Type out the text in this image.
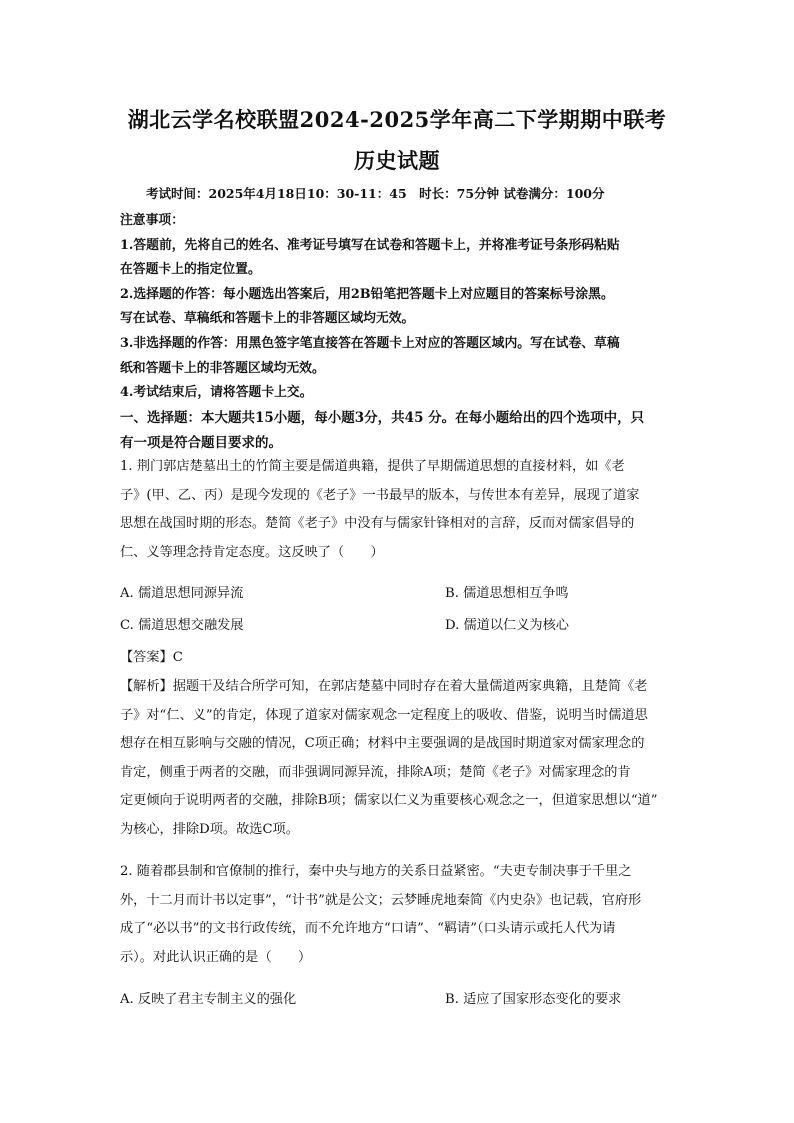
湖北云学名校联盟2024-2025学年高二下学期期中联考
历史试题
考试时间：2025年4月18日10：30-11：45　时长：75分钟 试卷满分：100分
注意事项：
1.答题前，先将自己的姓名、准考证号填写在试卷和答题卡上，并将准考证号条形码粘贴
在答题卡上的指定位置。
2.选择题的作答：每小题选出答案后，用2B铅笔把答题卡上对应题目的答案标号涂黑。
写在试卷、草稿纸和答题卡上的非答题区域均无效。
3.非选择题的作答：用黑色签字笔直接答在答题卡上对应的答题区域内。写在试卷、草稿
纸和答题卡上的非答题区域均无效。
4.考试结束后，请将答题卡上交。
一、选择题：本大题共15小题，每小题3分，共45 分。在每小题给出的四个选项中，只
有一项是符合题目要求的。
1. 荆门郭店楚墓出土的竹简主要是儒道典籍，提供了早期儒道思想的直接材料，如《老
子》(甲、乙、丙）是现今发现的《老子》一书最早的版本，与传世本有差异，展现了道家
思想在战国时期的形态。楚简《老子》中没有与儒家针锋相对的言辞，反而对儒家倡导的
仁、义等理念持肯定态度。这反映了（　　）
A. 儒道思想同源异流	B. 儒道思想相互争鸣
C. 儒道思想交融发展	D. 儒道以仁义为核心
【答案】C
【解析】据题干及结合所学可知，在郭店楚墓中同时存在着大量儒道两家典籍，且楚简《老
子》对“仁、义”的肯定，体现了道家对儒家观念一定程度上的吸收、借鉴，说明当时儒道思
想存在相互影响与交融的情况，C项正确；材料中主要强调的是战国时期道家对儒家理念的
肯定，侧重于两者的交融，而非强调同源异流，排除A项；楚简《老子》对儒家理念的肯
定更倾向于说明两者的交融，排除B项；儒家以仁义为重要核心观念之一，但道家思想以“道”
为核心，排除D项。故选C项。
2. 随着郡县制和官僚制的推行，秦中央与地方的关系日益紧密。“夫吏专制决事于千里之
外，十二月而计书以定事”，“计书”就是公文；云梦睡虎地秦简《内史杂》也记载，官府形
成了“必以书”的文书行政传统，而不允许地方“口请”、“羁请”（口头请示或托人代为请
示）。对此认识正确的是（　　）
A. 反映了君主专制主义的强化	B. 适应了国家形态变化的要求
